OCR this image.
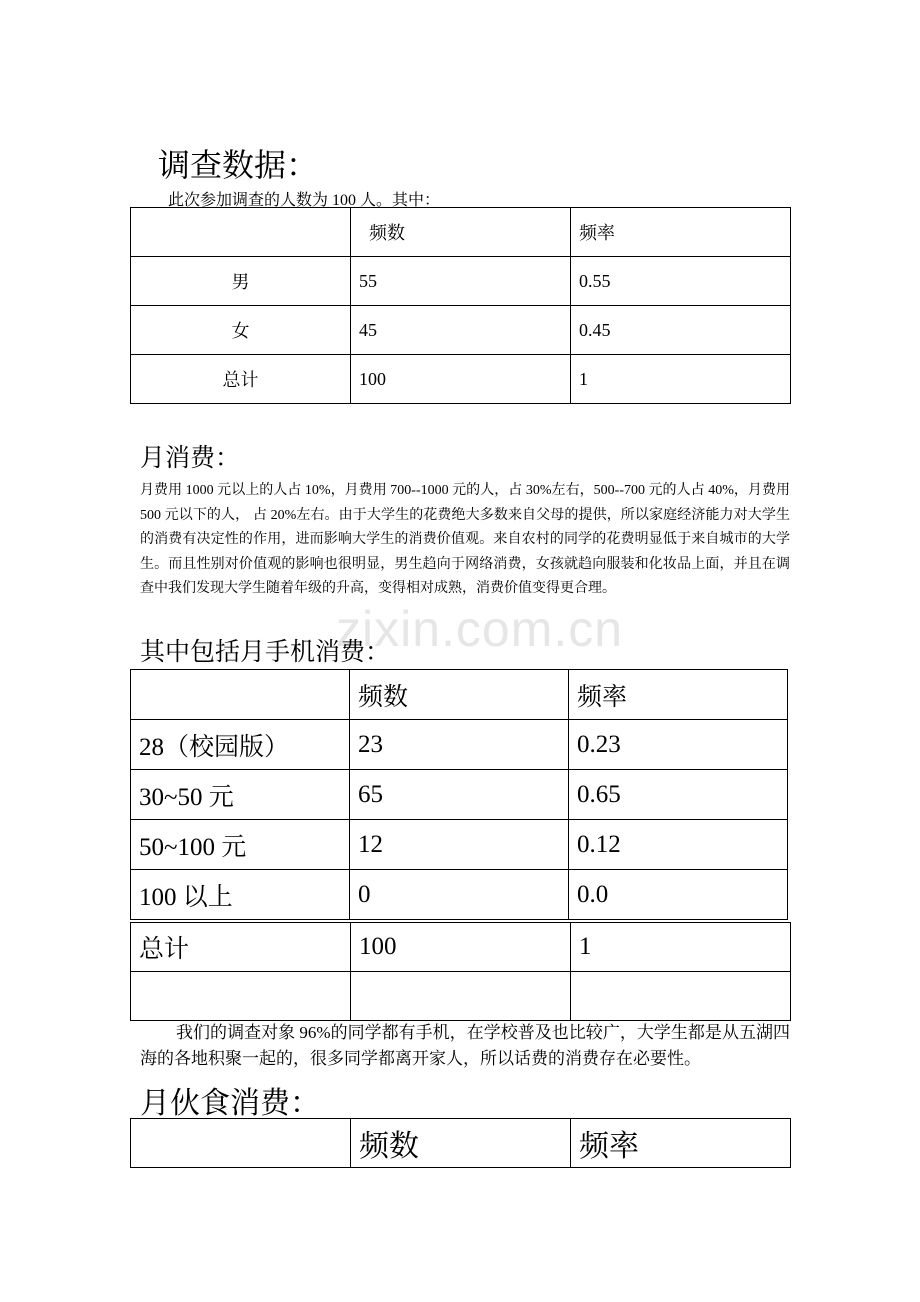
调查数据：
此次参加调查的人数为 100 人。其中：
	频数	频率
男	55	0.55
女	45	0.45
总计	100	1
月消费：
月费用 1000 元以上的人占 10%，月费用 700--1000 元的人，占 30%左右，500--700 元的人占 40%，月费用 500 元以下的人， 占 20%左右。由于大学生的花费绝大多数来自父母的提供，所以家庭经济能力对大学生的消费有决定性的作用，进而影响大学生的消费价值观。来自农村的同学的花费明显低于来自城市的大学生。而且性别对价值观的影响也很明显，男生趋向于网络消费，女孩就趋向服装和化妆品上面，并且在调查中我们发现大学生随着年级的升高，变得相对成熟，消费价值变得更合理。
zixin.com.cn
其中包括月手机消费：
	频数	频率
28（校园版）	23	0.23
30~50 元	65	0.65
50~100 元	12	0.12
100 以上	0	0.0
总计	100	1

我们的调查对象 96%的同学都有手机，在学校普及也比较广，大学生都是从五湖四海的各地积聚一起的，很多同学都离开家人，所以话费的消费存在必要性。
月伙食消费：
	频数	频率
